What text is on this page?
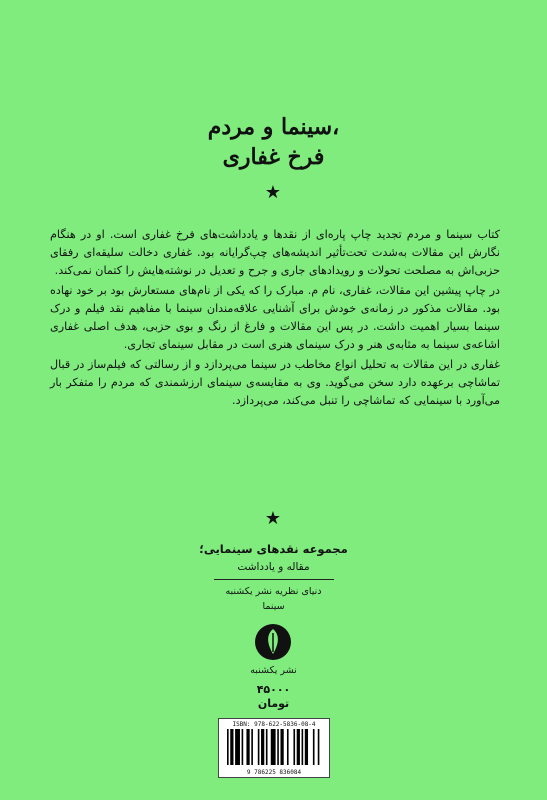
سینما و مردم،
فرخ غفاری
★

کتاب سینما و مردم تجدید چاپ پاره‌ای از نقدها و یادداشت‌های فرخ غفاری است. او در هنگام نگارش این مقالات به‌شدت تحت‌تأثیر اندیشه‌های چپ‌گرایانه بود. غفاری دخالت سلیقه‌ای رفقای حزبی‌اش به مصلحت تحولات و رویدادهای جاری و جرح و تعدیل در نوشته‌هایش را کتمان نمی‌کند.

در چاپ پیشین این مقالات، غفاری، نام م. مبارک را که یکی از نام‌های مستعارش بود بر خود نهاده بود. مقالات مذکور در زمانه‌ی خودش برای آشنایی علاقه‌مندان سینما با مفاهیم نقد فیلم و درک سینما بسیار اهمیت داشت. در پس این مقالات و فارغ از رنگ و بوی حزبی، هدف اصلی غفاری اشاعه‌ی سینما به مثابه‌ی هنر و درک سینمای هنری است در مقابل سینمای تجاری.

غفاری در این مقالات به تحلیل انواع مخاطب در سینما می‌پردازد و از رسالتی که فیلم‌ساز در قبال تماشاچی برعهده دارد سخن می‌گوید. وی به مقایسه‌ی سینمای ارزشمندی که مردم را متفکر بار می‌آورد با سینمایی که تماشاچی را تنبل می‌کند، می‌پردازد.

★
مجموعه نقدهای سینمایی؛
مقاله و یادداشت
دنیای نظریه نشر یکشنبه
سینما
نشر یکشنبه
۴۵۰۰۰
تومان
ISBN: 978-622-5836-08-4
9 786225 836084
